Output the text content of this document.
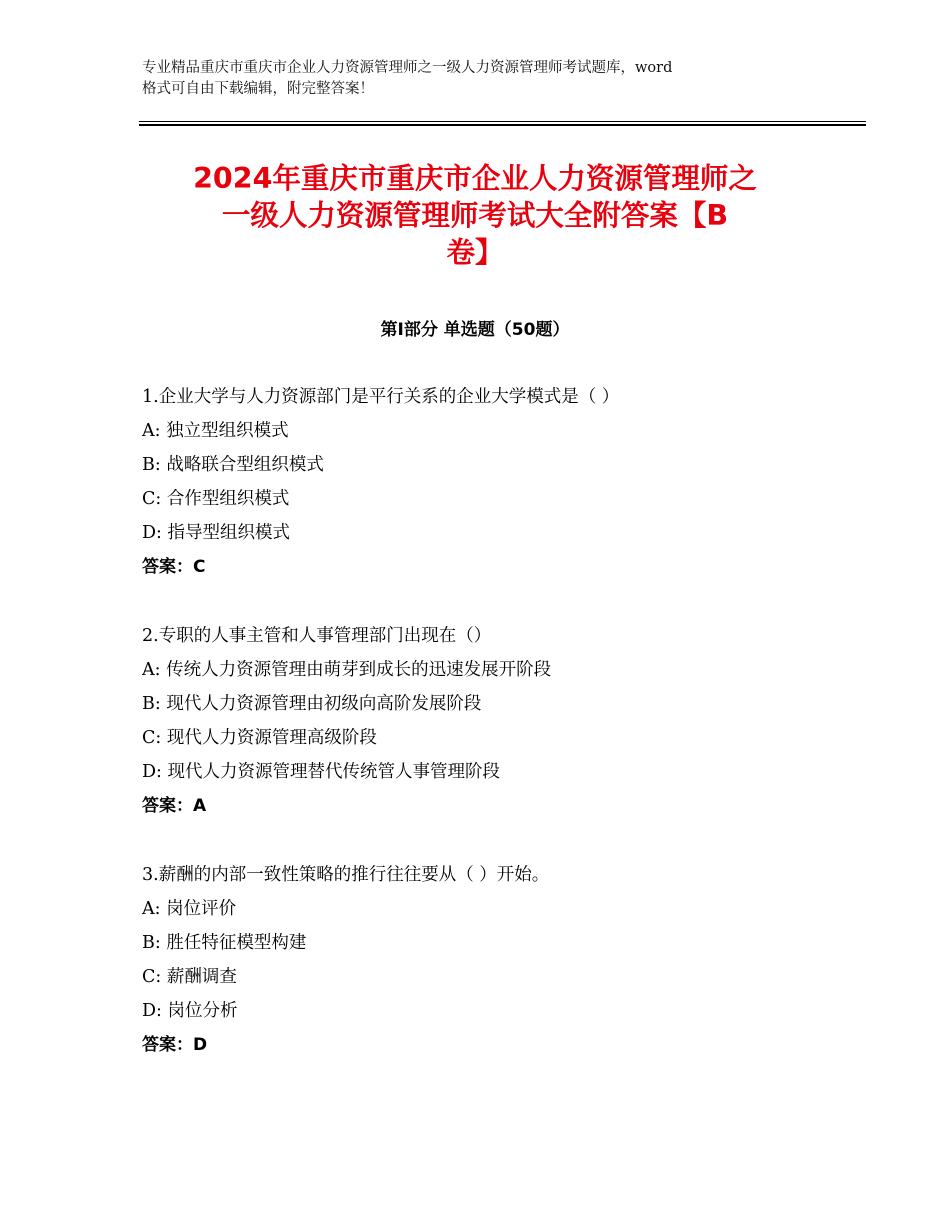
专业精品重庆市重庆市企业人力资源管理师之一级人力资源管理师考试题库，word
格式可自由下载编辑，附完整答案！
2024年重庆市重庆市企业人力资源管理师之
一级人力资源管理师考试大全附答案【B
卷】
第Ⅰ部分 单选题（50题）

1.企业大学与人力资源部门是平行关系的企业大学模式是（ ）

A: 独立型组织模式

B: 战略联合型组织模式

C: 合作型组织模式

D: 指导型组织模式

答案：C

2.专职的人事主管和人事管理部门出现在（）

A: 传统人力资源管理由萌芽到成长的迅速发展开阶段

B: 现代人力资源管理由初级向高阶发展阶段

C: 现代人力资源管理高级阶段

D: 现代人力资源管理替代传统管人事管理阶段

答案：A

3.薪酬的内部一致性策略的推行往往要从（ ）开始。

A: 岗位评价

B: 胜任特征模型构建

C: 薪酬调查

D: 岗位分析

答案：D
